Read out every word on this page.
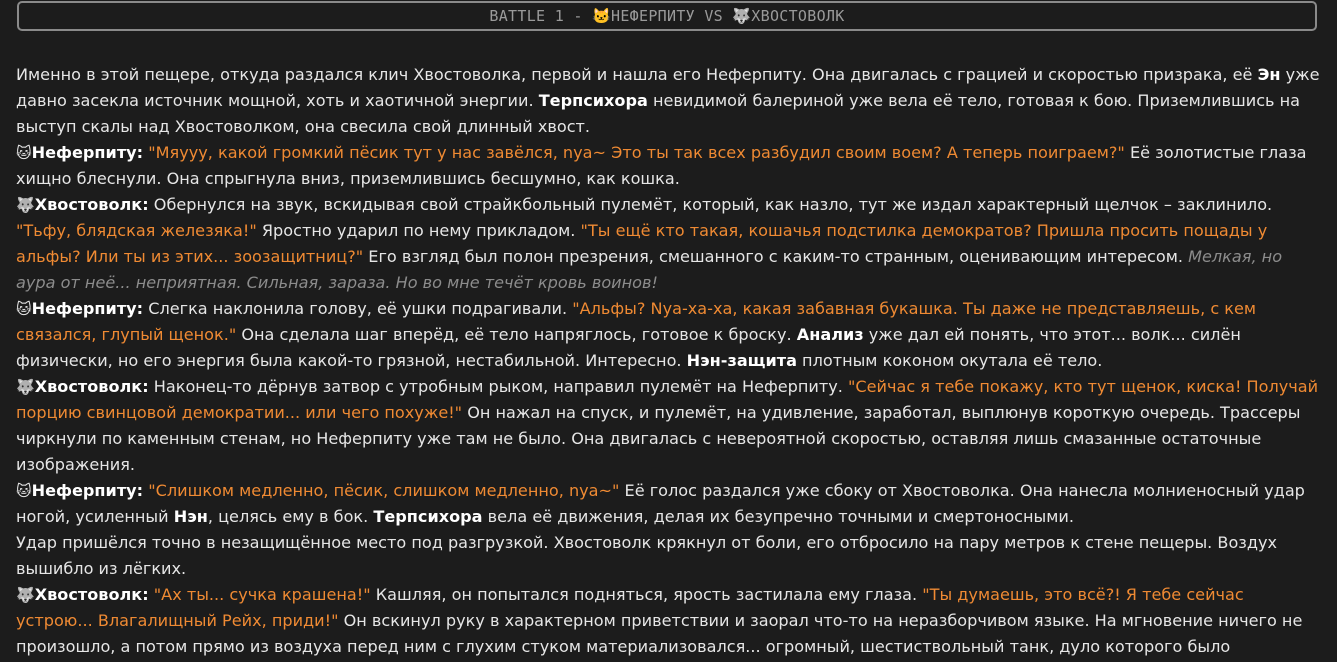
BATTLE 1 - 🐱НЕФЕРПИТУ VS 🐺ХВОСТОВОЛК

Именно в этой пещере, откуда раздался клич Хвостоволка, первой и нашла его Неферпиту. Она двигалась с грацией и скоростью призрака, её Эн уже давно засекла источник мощной, хоть и хаотичной энергии. Терпсихора невидимой балериной уже вела её тело, готовая к бою. Приземлившись на выступ скалы над Хвостоволком, она свесила свой длинный хвост.

🐱Неферпиту: "Мяууу, какой громкий пёсик тут у нас завёлся, nya~ Это ты так всех разбудил своим воем? А теперь поиграем?" Её золотистые глаза хищно блеснули. Она спрыгнула вниз, приземлившись бесшумно, как кошка.

🐺Хвостоволк: Обернулся на звук, вскидывая свой страйкбольный пулемёт, который, как назло, тут же издал характерный щелчок – заклинило. "Тьфу, блядская железяка!" Яростно ударил по нему прикладом. "Ты ещё кто такая, кошачья подстилка демократов? Пришла просить пощады у альфы? Или ты из этих... зоозащитниц?" Его взгляд был полон презрения, смешанного с каким-то странным, оценивающим интересом. Мелкая, но аура от неё... неприятная. Сильная, зараза. Но во мне течёт кровь воинов!

🐱Неферпиту: Слегка наклонила голову, её ушки подрагивали. "Альфы? Nya-ха-ха, какая забавная букашка. Ты даже не представляешь, с кем связался, глупый щенок." Она сделала шаг вперёд, её тело напряглось, готовое к броску. Анализ уже дал ей понять, что этот... волк... силён физически, но его энергия была какой-то грязной, нестабильной. Интересно. Нэн-защита плотным коконом окутала её тело.

🐺Хвостоволк: Наконец-то дёрнув затвор с утробным рыком, направил пулемёт на Неферпиту. "Сейчас я тебе покажу, кто тут щенок, киска! Получай порцию свинцовой демократии... или чего похуже!" Он нажал на спуск, и пулемёт, на удивление, заработал, выплюнув короткую очередь. Трассеры чиркнули по каменным стенам, но Неферпиту уже там не было. Она двигалась с невероятной скоростью, оставляя лишь смазанные остаточные изображения.

🐱Неферпиту: "Слишком медленно, пёсик, слишком медленно, nya~" Её голос раздался уже сбоку от Хвостоволка. Она нанесла молниеносный удар ногой, усиленный Нэн, целясь ему в бок. Терпсихора вела её движения, делая их безупречно точными и смертоносными.

Удар пришёлся точно в незащищённое место под разгрузкой. Хвостоволк крякнул от боли, его отбросило на пару метров к стене пещеры. Воздух вышибло из лёгких.

🐺Хвостоволк: "Ах ты... сучка крашена!" Кашляя, он попытался подняться, ярость застилала ему глаза. "Ты думаешь, это всё?! Я тебе сейчас устрою... Влагалищный Рейх, приди!" Он вскинул руку в характерном приветствии и заорал что-то на неразборчивом языке. На мгновение ничего не произошло, а потом прямо из воздуха перед ним с глухим стуком материализовался... огромный, шестиствольный танк, дуло которого было
